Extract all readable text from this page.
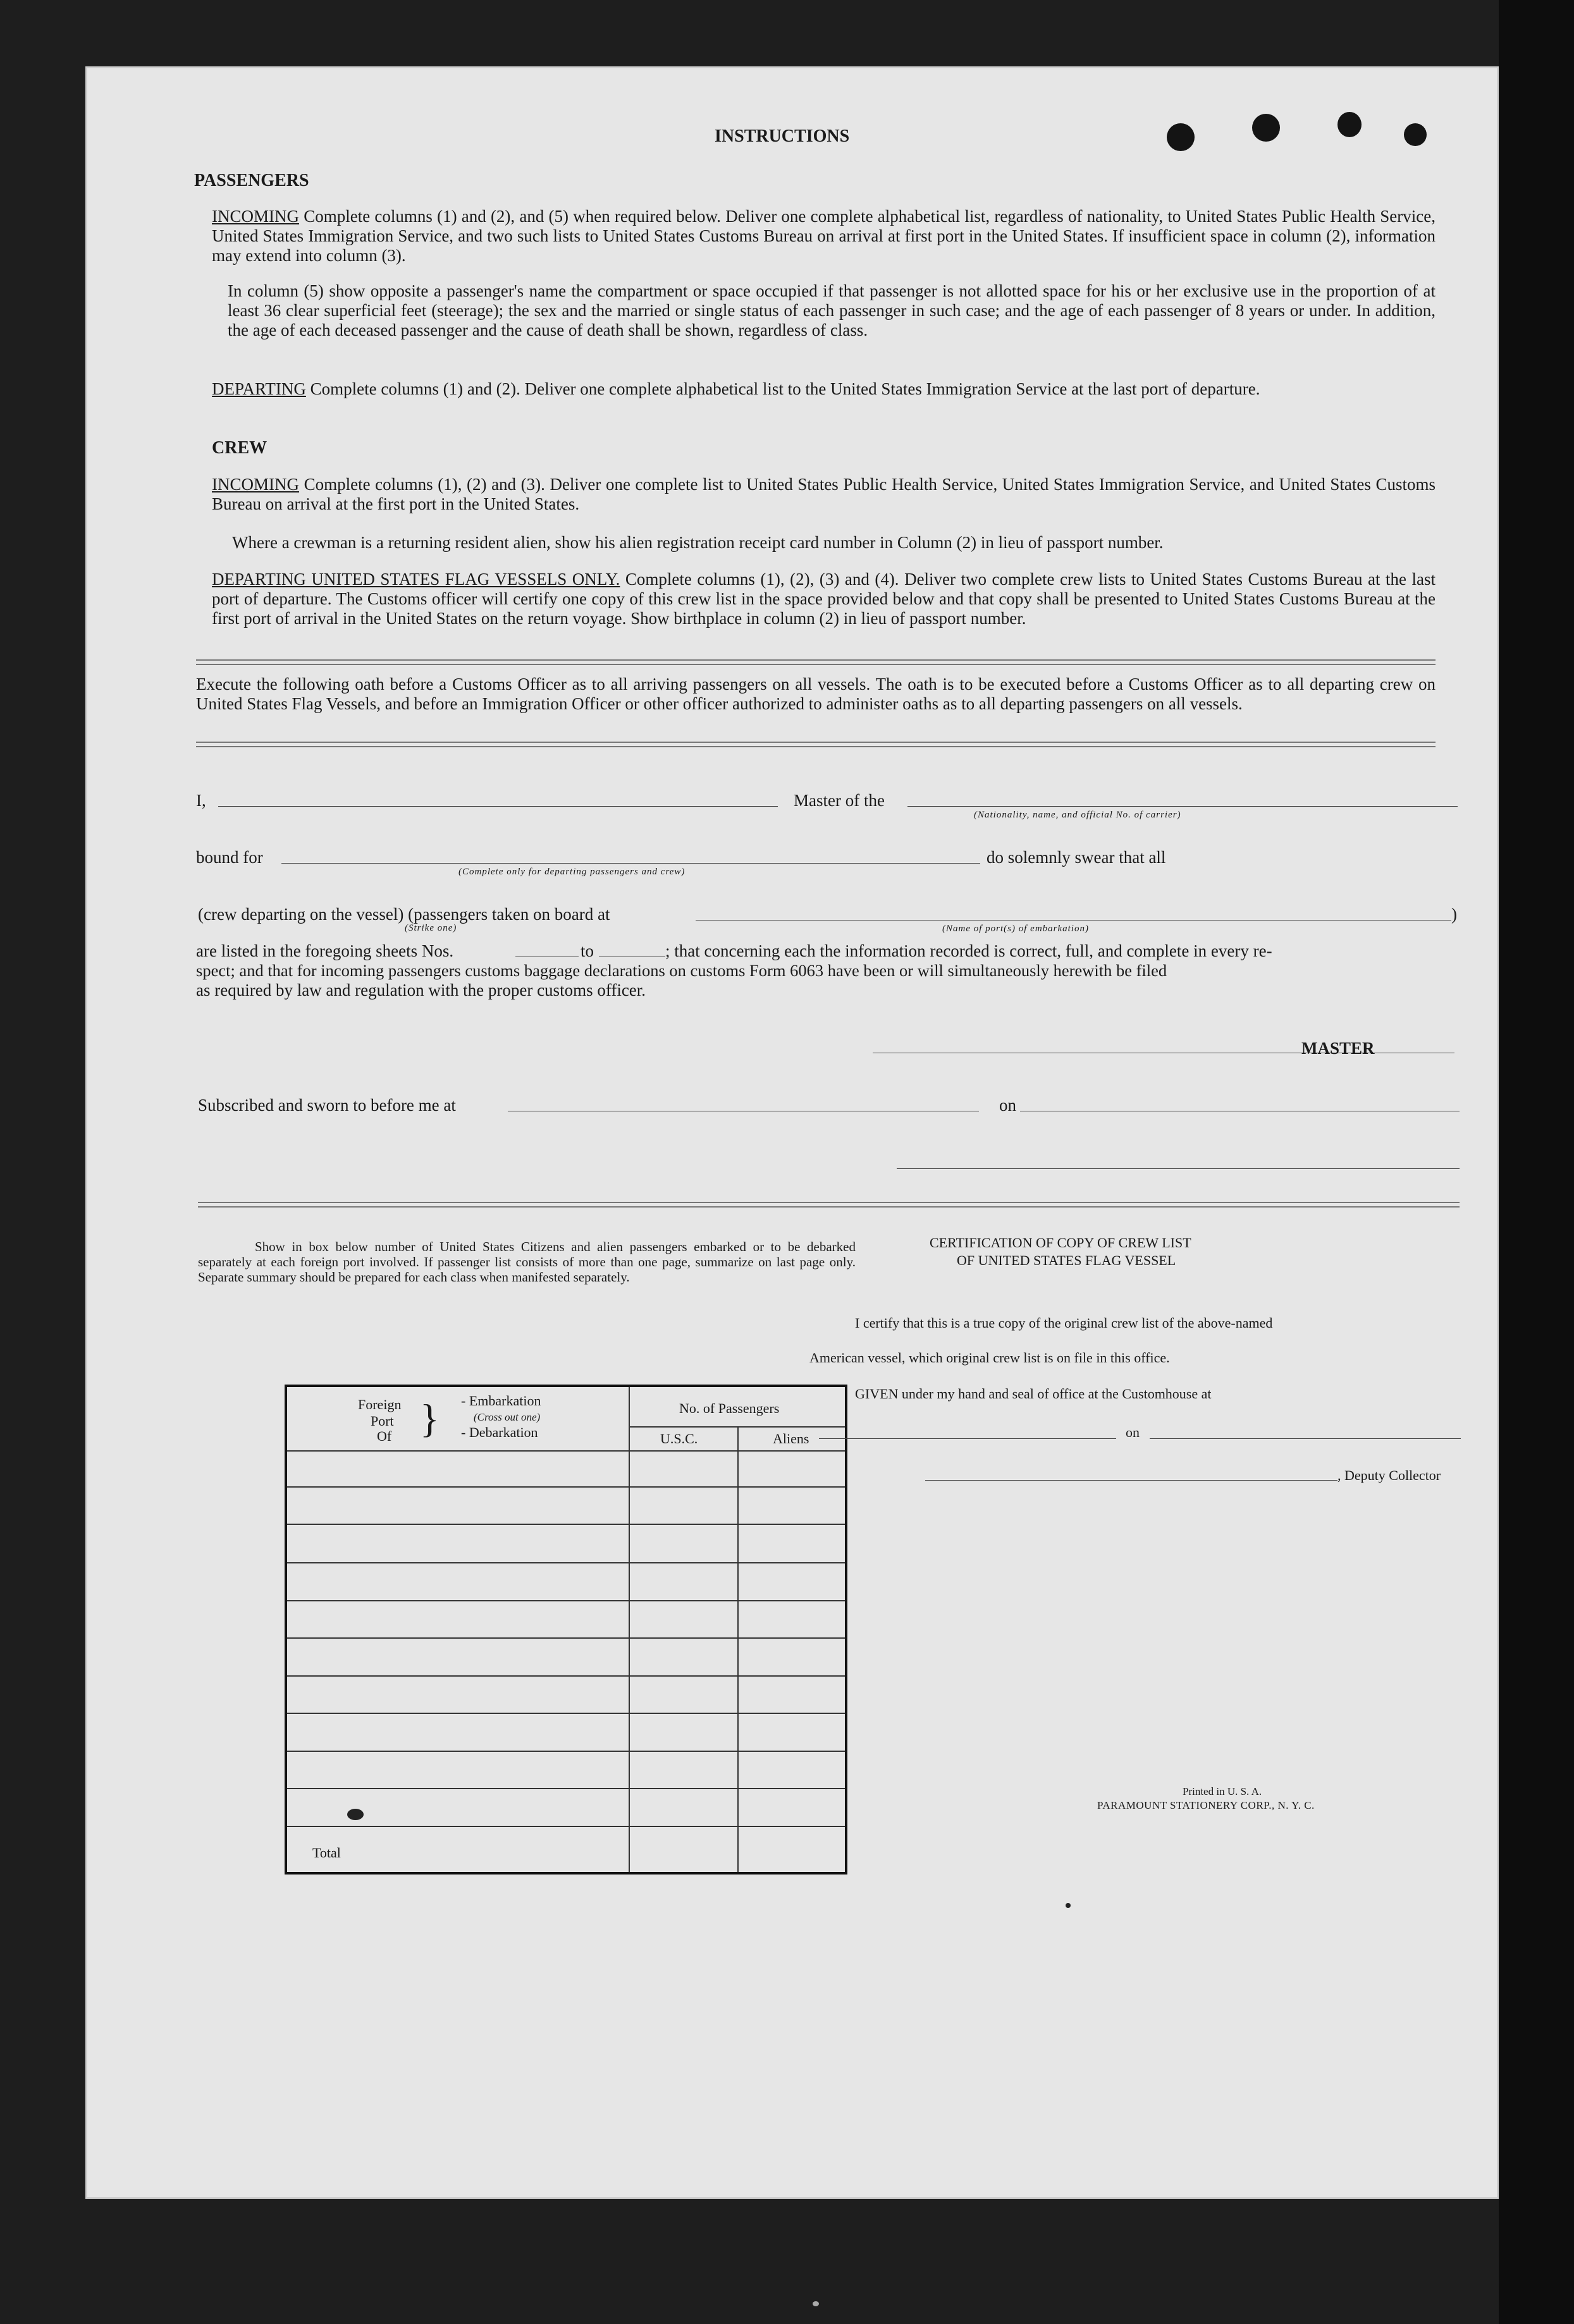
INSTRUCTIONS
PASSENGERS
INCOMING Complete columns (1) and (2), and (5) when required below. Deliver one complete alphabetical list, regardless of nationality, to United States Public Health Service, United States Immigration Service, and two such lists to United States Customs Bureau on arrival at first port in the United States. If insufficient space in column (2), information may extend into column (3).
In column (5) show opposite a passenger's name the compartment or space occupied if that passenger is not allotted space for his or her exclusive use in the proportion of at least 36 clear superficial feet (steerage); the sex and the married or single status of each passenger in such case; and the age of each passenger of 8 years or under. In addition, the age of each deceased passenger and the cause of death shall be shown, regardless of class.
DEPARTING Complete columns (1) and (2). Deliver one complete alphabetical list to the United States Immigration Service at the last port of departure.
CREW
INCOMING Complete columns (1), (2) and (3). Deliver one complete list to United States Public Health Service, United States Immigration Service, and United States Customs Bureau on arrival at the first port in the United States.
Where a crewman is a returning resident alien, show his alien registration receipt card number in Column (2) in lieu of passport number.
DEPARTING UNITED STATES FLAG VESSELS ONLY. Complete columns (1), (2), (3) and (4). Deliver two complete crew lists to United States Customs Bureau at the last port of departure. The Customs officer will certify one copy of this crew list in the space provided below and that copy shall be presented to United States Customs Bureau at the first port of arrival in the United States on the return voyage. Show birthplace in column (2) in lieu of passport number.
Execute the following oath before a Customs Officer as to all arriving passengers on all vessels. The oath is to be executed before a Customs Officer as to all departing crew on United States Flag Vessels, and before an Immigration Officer or other officer authorized to administer oaths as to all departing passengers on all vessels.
I,	Master of the
(Nationality, name, and official No. of carrier)
bound for
(Complete only for departing passengers and crew)
do solemnly swear that all
(crew departing on the vessel) (passengers taken on board at
(Strike one)	(Name of port(s) of embarkation)
)
are listed in the foregoing sheets Nos.	to	; that concerning each the information recorded is correct, full, and complete in every re-
spect; and that for incoming passengers customs baggage declarations on customs Form 6063 have been or will simultaneously herewith be filed
as required by law and regulation with the proper customs officer.
MASTER
Subscribed and sworn to before me at	on
Show in box below number of United States Citizens and alien passengers embarked or to be debarked separately at each foreign port involved. If passenger list consists of more than one page, summarize on last page only. Separate summary should be prepared for each class when manifested separately.
Foreign
Port
Of } - Embarkation
(Cross out one)
- Debarkation
No. of Passengers
U.S.C.	Aliens
Total
CERTIFICATION OF COPY OF CREW LIST
OF UNITED STATES FLAG VESSEL
I certify that this is a true copy of the original crew list of the above-named
American vessel, which original crew list is on file in this office.
GIVEN under my hand and seal of office at the Customhouse at
on
, Deputy Collector
Printed in U. S. A.
PARAMOUNT STATIONERY CORP., N. Y. C.
